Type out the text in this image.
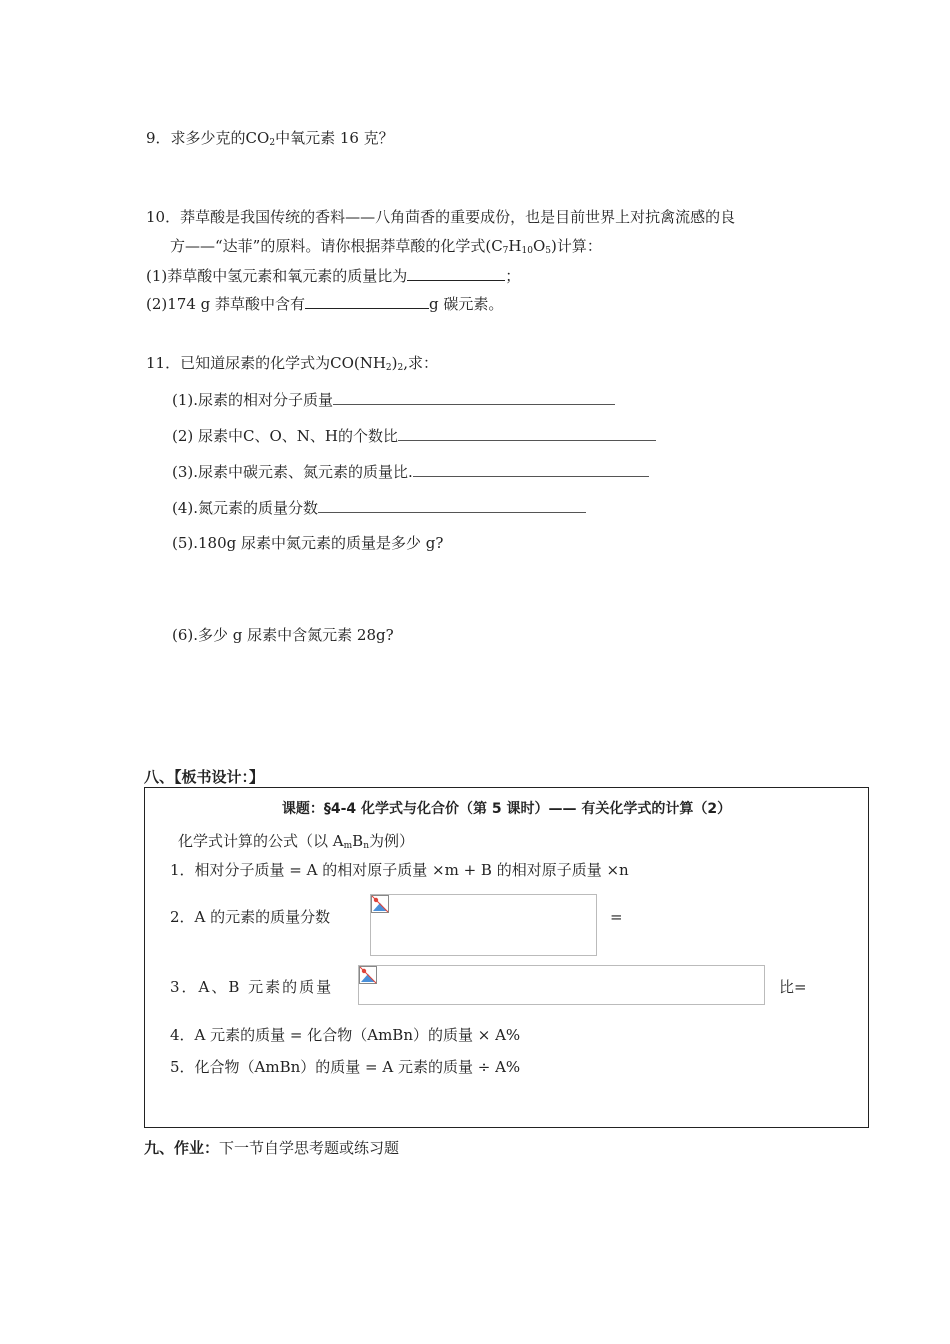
9．求多少克的$CO_2$中氧元素 16 克？
10．莽草酸是我国传统的香料——八角茴香的重要成份，也是目前世界上对抗禽流感的良
方——“达菲”的原料。请你根据莽草酸的化学式$(C_7H_{10}O_5)$计算：
(1)莽草酸中氢元素和氧元素的质量比为	；
(2)174 g 莽草酸中含有	g 碳元素。
11．已知道尿素的化学式为$CO(NH_2)_2$,求：
(1).尿素的相对分子质量
(2) 尿素中C、O、N、H的个数比
(3).尿素中碳元素、氮元素的质量比.
(4).氮元素的质量分数
(5).180g 尿素中氮元素的质量是多少 g?
(6).多少 g 尿素中含氮元素 28g?
八、【板书设计：】
课题：§4-4 化学式与化合价（第 5 课时）—— 有关化学式的计算（2）
化学式计算的公式（以 $A_mB_n$为例）
1．相对分子质量 = A 的相对原子质量 ×m + B 的相对原子质量 ×n
2．A 的元素的质量分数	=
3．A、B 元素的质量	比=
4．A 元素的质量 = 化合物（AmBn）的质量 × A%
5．化合物（AmBn）的质量 = A 元素的质量 ÷ A%
九、作业：下一节自学思考题或练习题
